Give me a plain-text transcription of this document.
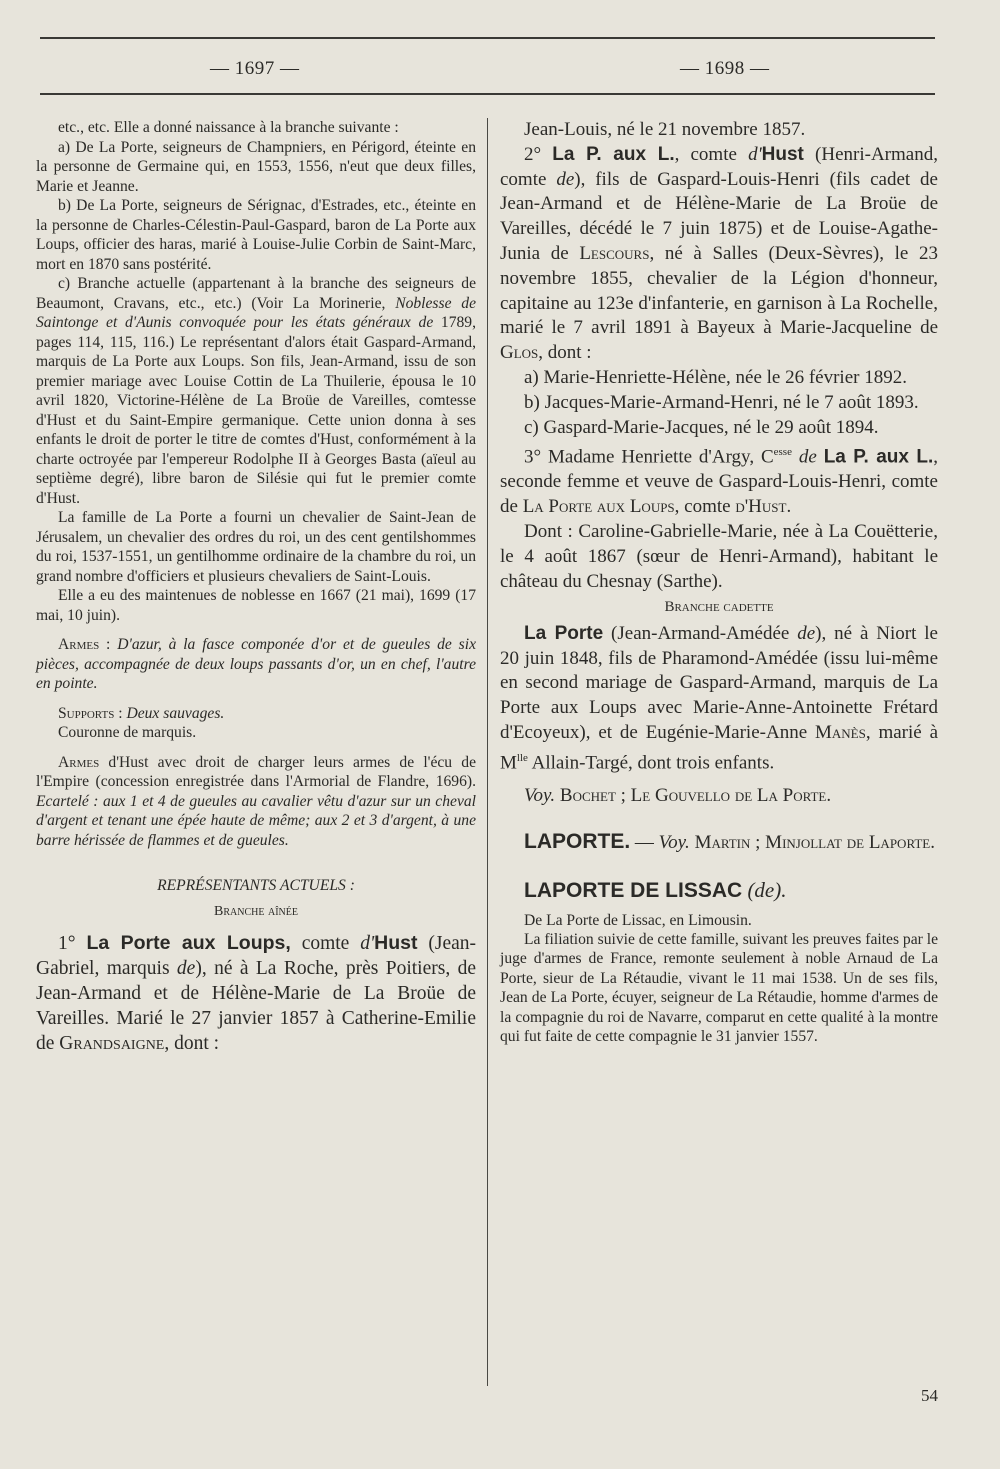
— 1697 —	— 1698 —

etc., etc. Elle a donné naissance à la branche suivante :

a) De La Porte, seigneurs de Champniers, en Périgord, éteinte en la personne de Germaine qui, en 1553, 1556, n'eut que deux filles, Marie et Jeanne.

b) De La Porte, seigneurs de Sérignac, d'Estrades, etc., éteinte en la personne de Charles-Célestin-Paul-Gaspard, baron de La Porte aux Loups, officier des haras, marié à Louise-Julie Corbin de Saint-Marc, mort en 1870 sans postérité.

c) Branche actuelle (appartenant à la branche des seigneurs de Beaumont, Cravans, etc., etc.) (Voir La Morinerie, Noblesse de Saintonge et d'Aunis convoquée pour les états généraux de 1789, pages 114, 115, 116.) Le représentant d'alors était Gaspard-Armand, marquis de La Porte aux Loups. Son fils, Jean-Armand, issu de son premier mariage avec Louise Cottin de La Thuilerie, épousa le 10 avril 1820, Victorine-Hélène de La Broüe de Vareilles, comtesse d'Hust et du Saint-Empire germanique. Cette union donna à ses enfants le droit de porter le titre de comtes d'Hust, conformément à la charte octroyée par l'empereur Rodolphe II à Georges Basta (aïeul au septième degré), libre baron de Silésie qui fut le premier comte d'Hust.

La famille de La Porte a fourni un chevalier de Saint-Jean de Jérusalem, un chevalier des ordres du roi, un des cent gentilshommes du roi, 1537-1551, un gentilhomme ordinaire de la chambre du roi, un grand nombre d'officiers et plusieurs chevaliers de Saint-Louis.

Elle a eu des maintenues de noblesse en 1667 (21 mai), 1699 (17 mai, 10 juin).

Armes : D'azur, à la fasce componée d'or et de gueules de six pièces, accompagnée de deux loups passants d'or, un en chef, l'autre en pointe.

Supports : Deux sauvages.

Couronne de marquis.

Armes d'Hust avec droit de charger leurs armes de l'écu de l'Empire (concession enregistrée dans l'Armorial de Flandre, 1696). Ecartelé : aux 1 et 4 de gueules au cavalier vêtu d'azur sur un cheval d'argent et tenant une épée haute de même; aux 2 et 3 d'argent, à une barre hérissée de flammes et de gueules.

REPRÉSENTANTS ACTUELS :

Branche aînée

1° La Porte aux Loups, comte d'Hust (Jean-Gabriel, marquis de), né à La Roche, près Poitiers, de Jean-Armand et de Hélène-Marie de La Broüe de Vareilles. Marié le 27 janvier 1857 à Catherine-Emilie de Grandsaigne, dont :

Jean-Louis, né le 21 novembre 1857.

2° La P. aux L., comte d'Hust (Henri-Armand, comte de), fils de Gaspard-Louis-Henri (fils cadet de Jean-Armand et de Hélène-Marie de La Broüe de Vareilles, décédé le 7 juin 1875) et de Louise-Agathe-Junia de Lescours, né à Salles (Deux-Sèvres), le 23 novembre 1855, chevalier de la Légion d'honneur, capitaine au 123e d'infanterie, en garnison à La Rochelle, marié le 7 avril 1891 à Bayeux à Marie-Jacqueline de Glos, dont :

a) Marie-Henriette-Hélène, née le 26 février 1892.

b) Jacques-Marie-Armand-Henri, né le 7 août 1893.

c) Gaspard-Marie-Jacques, né le 29 août 1894.

3° Madame Henriette d'Argy, $C^{esse}$ de La P. aux L., seconde femme et veuve de Gaspard-Louis-Henri, comte de La Porte aux Loups, comte d'Hust.

Dont : Caroline-Gabrielle-Marie, née à La Couëtterie, le 4 août 1867 (sœur de Henri-Armand), habitant le château du Chesnay (Sarthe).

Branche cadette

La Porte (Jean-Armand-Amédée de), né à Niort le 20 juin 1848, fils de Pharamond-Amédée (issu lui-même en second mariage de Gaspard-Armand, marquis de La Porte aux Loups avec Marie-Anne-Antoinette Frétard d'Ecoyeux), et de Eugénie-Marie-Anne Manès, marié à $M^{lle}$ Allain-Targé, dont trois enfants.

Voy. Bochet ; Le Gouvello de La Porte.

LAPORTE. — Voy. Martin ; Minjollat de Laporte.

LAPORTE DE LISSAC (de).

De La Porte de Lissac, en Limousin.

La filiation suivie de cette famille, suivant les preuves faites par le juge d'armes de France, remonte seulement à noble Arnaud de La Porte, sieur de La Rétaudie, vivant le 11 mai 1538. Un de ses fils, Jean de La Porte, écuyer, seigneur de La Rétaudie, homme d'armes de la compagnie du roi de Navarre, comparut en cette qualité à la montre qui fut faite de cette compagnie le 31 janvier 1557.

54
